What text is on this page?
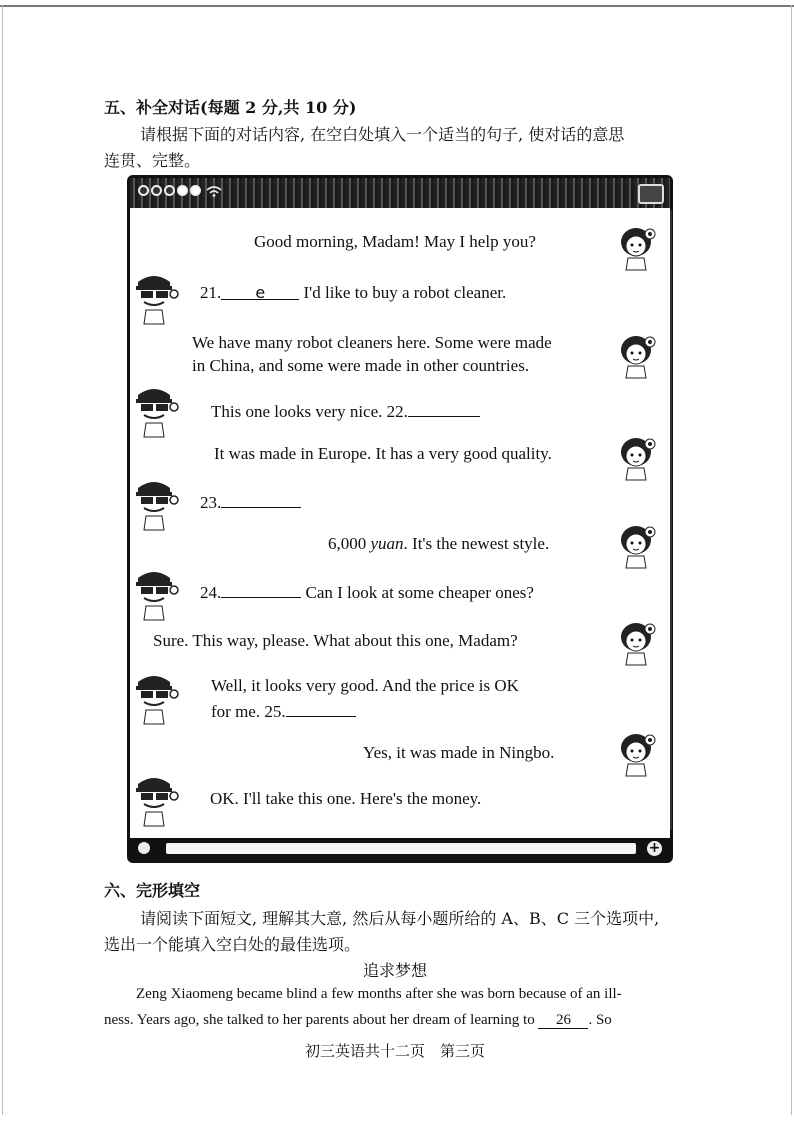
五、补全对话(每题 2 分,共 10 分)
请根据下面的对话内容, 在空白处填入一个适当的句子, 使对话的意思
连贯、完整。
+
Good morning, Madam! May I help you?
21. e I'd like to buy a robot cleaner.
We have many robot cleaners here. Some were made
in China, and some were made in other countries.
This one looks very nice. 22.
It was made in Europe. It has a very good quality.
23.
6,000 yuan. It's the newest style.
24.	Can I look at some cheaper ones?
Sure. This way, please. What about this one, Madam?
Well, it looks very good. And the price is OK
for me. 25.
Yes, it was made in Ningbo.
OK. I'll take this one. Here's the money.
六、完形填空
请阅读下面短文, 理解其大意, 然后从每小题所给的 A、B、C 三个选项中,
选出一个能填入空白处的最佳选项。
追求梦想
Zeng Xiaomeng became blind a few months after she was born because of an ill-
ness. Years ago, she talked to her parents about her dream of learning to 26 . So
初三英语共十二页　第三页
